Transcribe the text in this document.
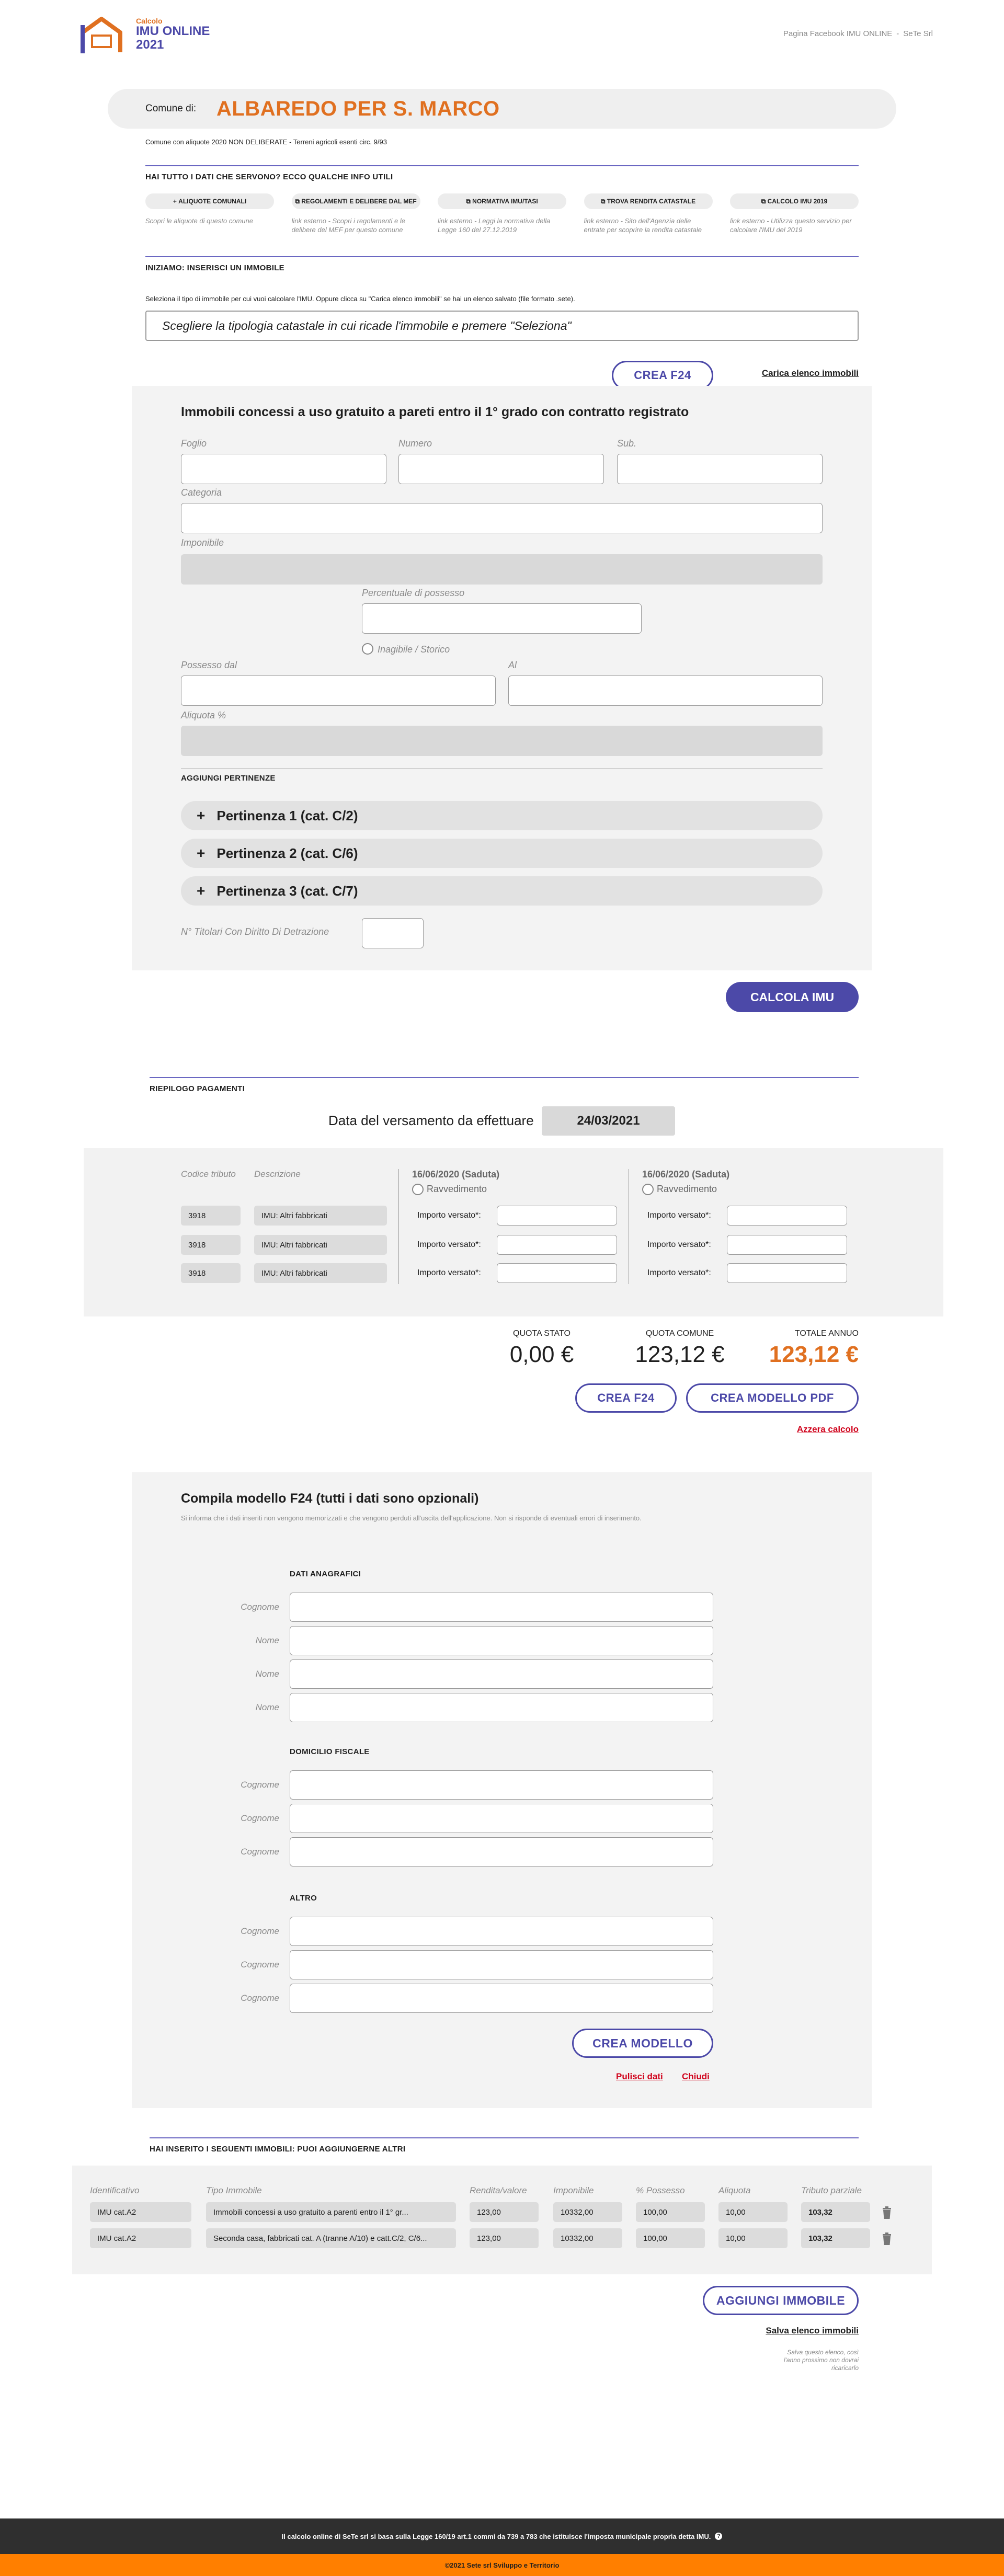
Calcolo
IMU ONLINE
2021
Pagina Facebook IMU ONLINE - SeTe Srl
Comune di: ALBAREDO PER S. MARCO
Comune con aliquote 2020 NON DELIBERATE - Terreni agricoli esenti circ. 9/93
HAI TUTTO I DATI CHE SERVONO? ECCO QUALCHE INFO UTILI
+ ALIQUOTE COMUNALI
Scopri le aliquote di questo comune
⧉ REGOLAMENTI E DELIBERE DAL MEF
link esterno - Scopri i regolamenti e le delibere del MEF per questo comune
⧉ NORMATIVA IMU/TASI
link esterno - Leggi la normativa della Legge 160 del 27.12.2019
⧉ TROVA RENDITA CATASTALE
link esterno - Sito dell'Agenzia delle entrate per scoprire la rendita catastale
⧉ CALCOLO IMU 2019
link esterno - Utilizza questo servizio per calcolare l'IMU del 2019
INIZIAMO: INSERISCI UN IMMOBILE
Seleziona il tipo di immobile per cui vuoi calcolare l'IMU. Oppure clicca su "Carica elenco immobili" se hai un elenco salvato (file formato .sete).
Scegliere la tipologia catastale in cui ricade l'immobile e premere "Seleziona"
CREA F24	Carica elenco immobili
Immobili concessi a uso gratuito a pareti entro il 1° grado con contratto registrato
Foglio	Numero	Sub.
Categoria
Imponibile
Percentuale di possesso
Inagibile / Storico
Possesso dal	Al
Aliquota %
AGGIUNGI PERTINENZE
+ Pertinenza 1 (cat. C/2)
+ Pertinenza 2 (cat. C/6)
+ Pertinenza 3 (cat. C/7)
N° Titolari Con Diritto Di Detrazione
CALCOLA IMU
RIEPILOGO PAGAMENTI
Data del versamento da effettuare	24/03/2021
Codice tributo Descrizione	16/06/2020 (Saduta)
Ravvedimento
16/06/2020 (Saduta)
Ravvedimento
3918	IMU: Altri fabbricati	Importo versato*:	Importo versato*:
3918	IMU: Altri fabbricati	Importo versato*:	Importo versato*:
3918	IMU: Altri fabbricati	Importo versato*:	Importo versato*:
QUOTA STATO
0,00 €
QUOTA COMUNE
123,12 €
TOTALE ANNUO
123,12 €
CREA F24	CREA MODELLO PDF
Azzera calcolo
Compila modello F24 (tutti i dati sono opzionali)
Si informa che i dati inseriti non vengono memorizzati e che vengono perduti all'uscita dell'applicazione. Non si risponde di eventuali errori di inserimento.
DATI ANAGRAFICI
Cognome
Nome
Nome
Nome
DOMICILIO FISCALE
Cognome
Cognome
Cognome
ALTRO
Cognome
Cognome
Cognome
CREA MODELLO
Pulisci dati Chiudi
HAI INSERITO I SEGUENTI IMMOBILI: PUOI AGGIUNGERNE ALTRI
Identificativo	Tipo Immobile	Rendita/valore	Imponibile	% Possesso	Aliquota	Tributo parziale
IMU cat.A2	Immobili concessi a uso gratuito a parenti entro il 1° gr...	123,00	10332,00	100,00	10,00	103,32
IMU cat.A2	Seconda casa, fabbricati cat. A (tranne A/10) e catt.C/2, C/6...	123,00	10332,00	100,00	10,00	103,32
AGGIUNGI IMMOBILE
Salva elenco immobili
Salva questo elenco, così l'anno prossimo non dovrai ricaricarlo
Il calcolo online di SeTe srl si basa sulla Legge 160/19 art.1 commi da 739 a 783 che istituisce l'imposta municipale propria detta IMU.	?
©2021 Sete srl Sviluppo e Territorio
